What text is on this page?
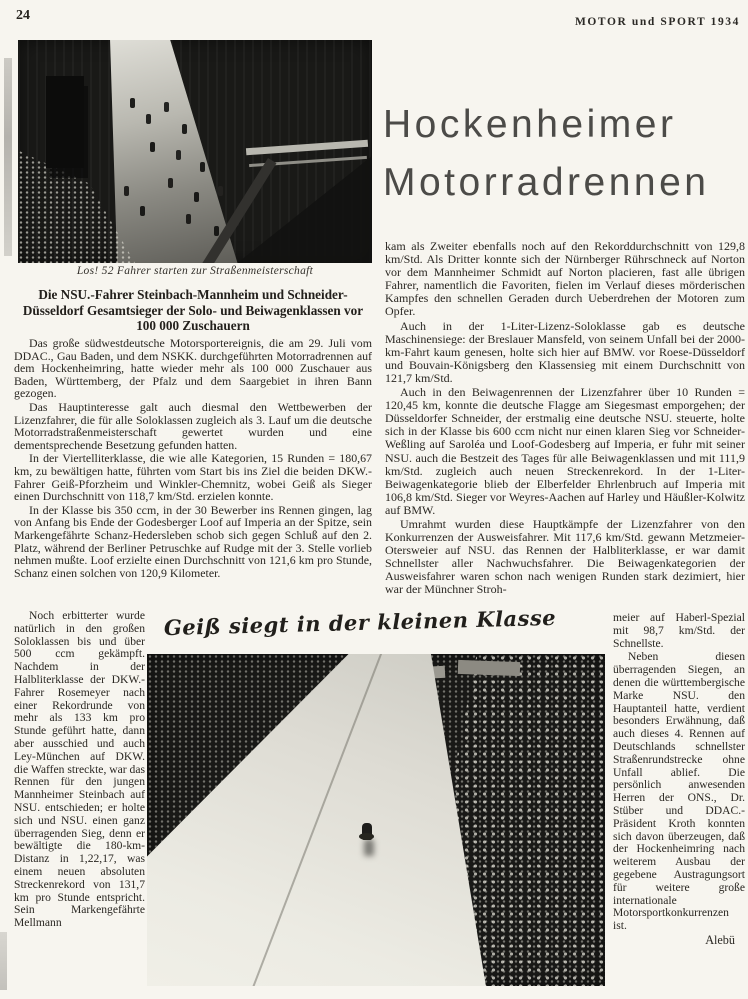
24	MOTOR und SPORT 1934
Los! 52 Fahrer starten zur Straßenmeisterschaft
Hockenheimer
Motorradrennen
Die NSU.-Fahrer Steinbach-Mannheim und Schneider-Düsseldorf Gesamtsieger der Solo- und Beiwagenklassen vor 100 000 Zuschauern

Das große südwestdeutsche Motorsportereignis, die am 29. Juli vom DDAC., Gau Baden, und dem NSKK. durchgeführten Motorradrennen auf dem Hockenheimring, hatte wieder mehr als 100 000 Zuschauer aus Baden, Württemberg, der Pfalz und dem Saargebiet in ihren Bann gezogen.

Das Hauptinteresse galt auch diesmal den Wettbewerben der Lizenzfahrer, die für alle Soloklassen zugleich als 3. Lauf um die deutsche Motorradstraßenmeisterschaft gewertet wurden und eine dementsprechende Besetzung gefunden hatten.

In der Viertelliterklasse, die wie alle Kategorien, 15 Runden = 180,67 km, zu bewältigen hatte, führten vom Start bis ins Ziel die beiden DKW.-Fahrer Geiß-Pforzheim und Winkler-Chemnitz, wobei Geiß als Sieger einen Durchschnitt von 118,7 km/Std. erzielen konnte.

In der Klasse bis 350 ccm, in der 30 Bewerber ins Rennen gingen, lag von Anfang bis Ende der Godesberger Loof auf Imperia an der Spitze, sein Markengefährte Schanz-Hedersleben schob sich gegen Schluß auf den 2. Platz, während der Berliner Petruschke auf Rudge mit der 3. Stelle vorlieb nehmen mußte. Loof erzielte einen Durchschnitt von 121,6 km pro Stunde, Schanz einen solchen von 120,9 Kilometer.

kam als Zweiter ebenfalls noch auf den Rekorddurchschnitt von 129,8 km/Std. Als Dritter konnte sich der Nürnberger Rührschneck auf Norton vor dem Mannheimer Schmidt auf Norton placieren, fast alle übrigen Fahrer, namentlich die Favoriten, fielen im Verlauf dieses mörderischen Kampfes den schnellen Geraden durch Ueberdrehen der Motoren zum Opfer.

Auch in der 1-Liter-Lizenz-Soloklasse gab es deutsche Maschinensiege: der Breslauer Mansfeld, von seinem Unfall bei der 2000-km-Fahrt kaum genesen, holte sich hier auf BMW. vor Roese-Düsseldorf und Bouvain-Königsberg den Klassensieg mit einem Durchschnitt von 121,7 km/Std.

Auch in den Beiwagenrennen der Lizenzfahrer über 10 Runden = 120,45 km, konnte die deutsche Flagge am Siegesmast emporgehen; der Düsseldorfer Schneider, der erstmalig eine deutsche NSU. steuerte, holte sich in der Klasse bis 600 ccm nicht nur einen klaren Sieg vor Schneider-Weßling auf Saroléa und Loof-Godesberg auf Imperia, er fuhr mit seiner NSU. auch die Bestzeit des Tages für alle Beiwagenklassen und mit 111,9 km/Std. zugleich auch neuen Streckenrekord. In der 1-Liter-Beiwagenkategorie blieb der Elberfelder Ehrlenbruch auf Imperia mit 106,8 km/Std. Sieger vor Weyres-Aachen auf Harley und Häußler-Kolwitz auf BMW.

Umrahmt wurden diese Hauptkämpfe der Lizenzfahrer von den Konkurrenzen der Ausweisfahrer. Mit 117,6 km/Std. gewann Metzmeier-Otersweier auf NSU. das Rennen der Halbliterklasse, er war damit Schnellster aller Nachwuchsfahrer. Die Beiwagenkategorien der Ausweisfahrer waren schon nach wenigen Runden stark dezimiert, hier war der Münchner Stroh-

Geiß siegt in der kleinen Klasse

Noch erbitterter wurde natürlich in den großen Soloklassen bis und über 500 ccm gekämpft. Nachdem in der Halbliterklasse der DKW.-Fahrer Rosemeyer nach einer Rekordrunde von mehr als 133 km pro Stunde geführt hatte, dann aber ausschied und auch Ley-München auf DKW. die Waffen streckte, war das Rennen für den jungen Mannheimer Steinbach auf NSU. entschieden; er holte sich und NSU. einen ganz überragenden Sieg, denn er bewältigte die 180-km-Distanz in 1,22,17, was einem neuen absoluten Streckenrekord von 131,7 km pro Stunde entspricht. Sein Markengefährte Mellmann

meier auf Haberl-Spezial mit 98,7 km/Std. der Schnellste.

Neben diesen überragenden Siegen, an denen die württembergische Marke NSU. den Hauptanteil hatte, verdient besonders Erwähnung, daß auch dieses 4. Rennen auf Deutschlands schnellster Straßenrundstrecke ohne Unfall ablief. Die persönlich anwesenden Herren der ONS., Dr. Stüber und DDAC.-Präsident Kroth konnten sich davon überzeugen, daß der Hockenheimring nach weiterem Ausbau der gegebene Austragungsort für weitere große internationale Motorsportkonkurrenzen ist.

Alebü
